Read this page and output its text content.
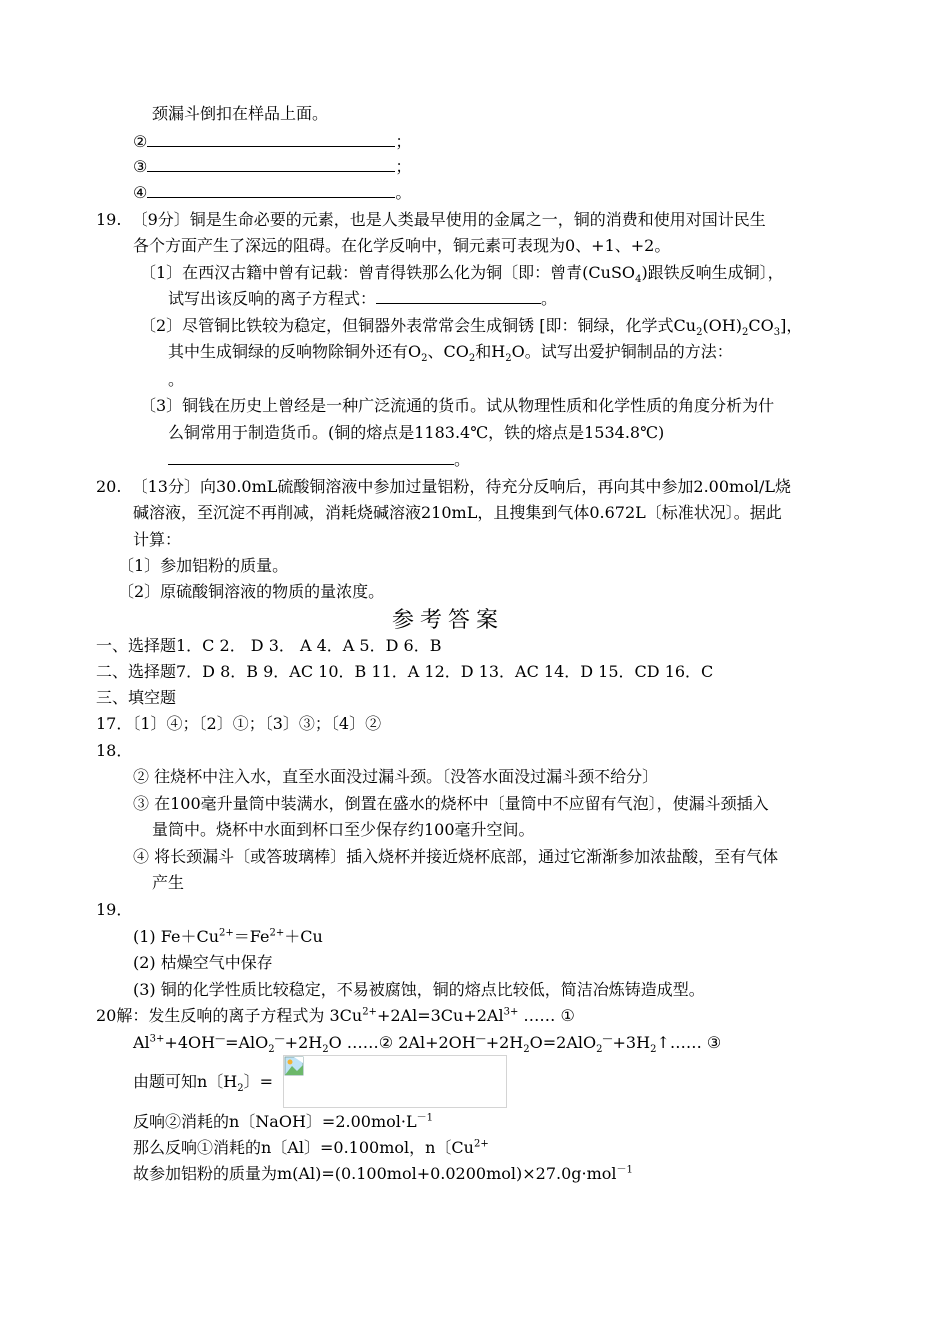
颈漏斗倒扣在样品上面。
②	；
③	；
④	。
19. 〔9分〕铜是生命必要的元素，也是人类最早使用的金属之一，铜的消费和使用对国计民生
各个方面产生了深远的阻碍。在化学反响中，铜元素可表现为0、+1、+2。
〔1〕在西汉古籍中曾有记载：曾青得铁那么化为铜〔即：曾青(CuSO$_4$)跟铁反响生成铜〕，
试写出该反响的离子方程式：	。
〔2〕尽管铜比铁较为稳定，但铜器外表常常会生成铜锈 [即：铜绿，化学式$Cu_2(OH)_2CO_3$]，
其中生成铜绿的反响物除铜外还有$O_2$、$CO_2$和$H_2O$。试写出爱护铜制品的方法：
。
〔3〕铜钱在历史上曾经是一种广泛流通的货币。试从物理性质和化学性质的角度分析为什
么铜常用于制造货币。(铜的熔点是1183.4℃，铁的熔点是1534.8℃)
。
20. 〔13分〕向30.0mL硫酸铜溶液中参加过量铝粉，待充分反响后，再向其中参加2.00mol/L烧
碱溶液，至沉淀不再削减，消耗烧碱溶液210mL，且搜集到气体0.672L〔标准状况〕。据此
计算：
〔1〕参加铝粉的质量。
〔2〕原硫酸铜溶液的物质的量浓度。
参考答案
一、选择题1．C 2． D 3． A 4．A 5．D 6．B
二、选择题7．D 8．B 9．AC 10．B 11．A 12．D 13．AC 14．D 15．CD 16．C
三、填空题
17．〔1〕④；〔2〕①；〔3〕③；〔4〕②
18．
② 往烧杯中注入水，直至水面没过漏斗颈。〔没答水面没过漏斗颈不给分〕
③ 在100毫升量筒中装满水，倒置在盛水的烧杯中〔量筒中不应留有气泡〕，使漏斗颈插入
量筒中。烧杯中水面到杯口至少保存约100毫升空间。
④ 将长颈漏斗〔或答玻璃棒〕插入烧杯并接近烧杯底部，通过它渐渐参加浓盐酸，至有气体
产生
19．
(1) $Fe+Cu^{2+}=Fe^{2+}+Cu$
(2) 枯燥空气中保存
(3) 铜的化学性质比较稳定，不易被腐蚀，铜的熔点比较低，简洁冶炼铸造成型。
20解：发生反响的离子方程式为 $3Cu^{2+}+2Al=3Cu+2Al^{3+}$ …… ①
$Al^{3+}+4OH^—=AlO_2^—+2H_2O$ ……② $2Al+2OH^—+2H_2O=2AlO_2^—+3H_2↑\dots\dots$ ③
由题可知n〔$H_2$〕=
反响②消耗的n〔NaOH〕$=2.00mol\cdot L^{-1}$
那么反响①消耗的n〔Al〕=0.100mol，n〔$Cu^{2+}$
故参加铝粉的质量为m(Al)=(0.100mol+0.0200mol)×27.0g·mol$^{-1}$
